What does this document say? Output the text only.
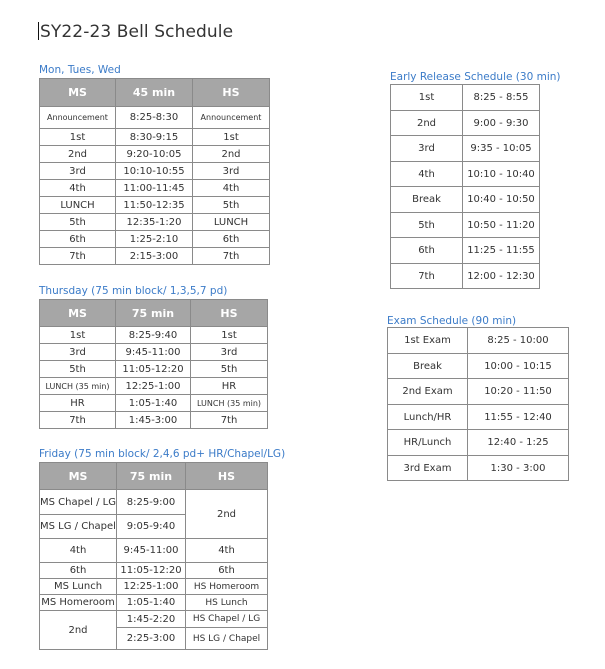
SY22-23 Bell Schedule
Mon, Tues, Wed
MS	45 min	HS
Announcement	8:25-8:30	Announcement
1st	8:30-9:15	1st
2nd	9:20-10:05	2nd
3rd	10:10-10:55	3rd
4th	11:00-11:45	4th
LUNCH	11:50-12:35	5th
5th	12:35-1:20	LUNCH
6th	1:25-2:10	6th
7th	2:15-3:00	7th
Thursday (75 min block/ 1,3,5,7 pd)
MS	75 min	HS
1st	8:25-9:40	1st
3rd	9:45-11:00	3rd
5th	11:05-12:20	5th
LUNCH (35 min)	12:25-1:00	HR
HR	1:05-1:40	LUNCH (35 min)
7th	1:45-3:00	7th
Friday (75 min block/ 2,4,6 pd+ HR/Chapel/LG)
MS	75 min	HS
MS Chapel / LG	8:25-9:00	2nd
MS LG / Chapel	9:05-9:40	
4th	9:45-11:00	4th
6th	11:05-12:20	6th
MS Lunch	12:25-1:00	HS Homeroom
MS Homeroom	1:05-1:40	HS Lunch
2nd	1:45-2:20	HS Chapel / LG
	2:25-3:00	HS LG / Chapel
Early Release Schedule (30 min)
1st	8:25 - 8:55
2nd	9:00 - 9:30
3rd	9:35 - 10:05
4th	10:10 - 10:40
Break	10:40 - 10:50
5th	10:50 - 11:20
6th	11:25 - 11:55
7th	12:00 - 12:30
Exam Schedule (90 min)
1st Exam	8:25 - 10:00
Break	10:00 - 10:15
2nd Exam	10:20 - 11:50
Lunch/HR	11:55 - 12:40
HR/Lunch	12:40 - 1:25
3rd Exam	1:30 - 3:00
